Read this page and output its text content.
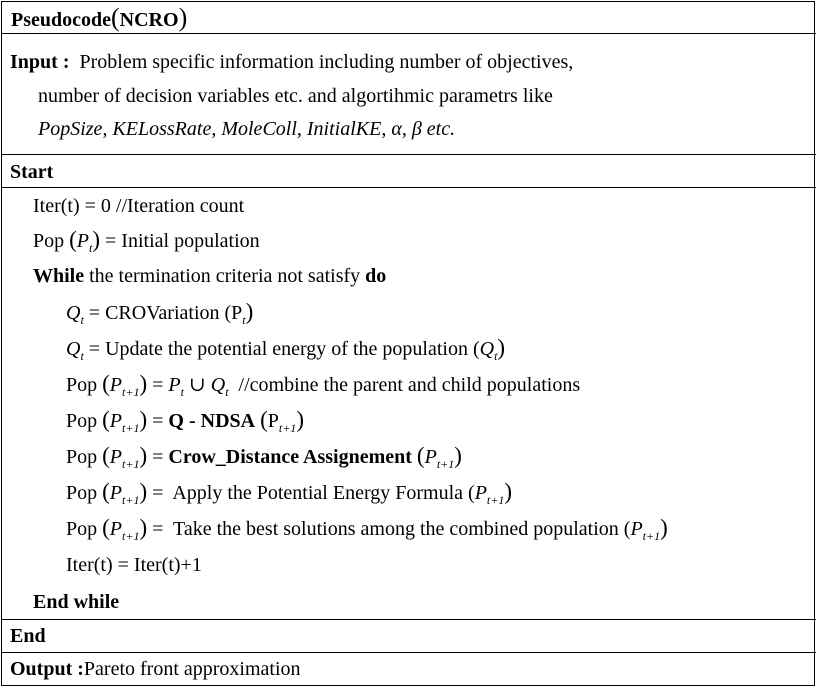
Pseudocode(NCRO)
Input : Problem specific information including number of objectives,
number of decision variables etc. and algortihmic parametrs like
PopSize, KELossRate, MoleColl, InitialKE, α, β etc.
Start
Iter(t) = 0 //Iteration count
Pop $(P_t)$ = Initial population
While the termination criteria not satisfy do
$Q_t$ = CROVariation $(P_t)$
$Q_t$ = Update the potential energy of the population $(Q_t)$
Pop $(P_{t+1}) = P_t$ ∪ $Q_t$ //combine the parent and child populations
Pop $(P_{t+1}) = Q$ - NDSA $(P_{t+1})$
Pop $(P_{t+1})$ = Crow_Distance Assignement $(P_{t+1})$
Pop $(P_{t+1})$ =  Apply the Potential Energy Formula $(P_{t+1})$
Pop $(P_{t+1})$ =  Take the best solutions among the combined population $(P_{t+1})$
Iter(t) = Iter(t)+1
End while
End
Output :Pareto front approximation
